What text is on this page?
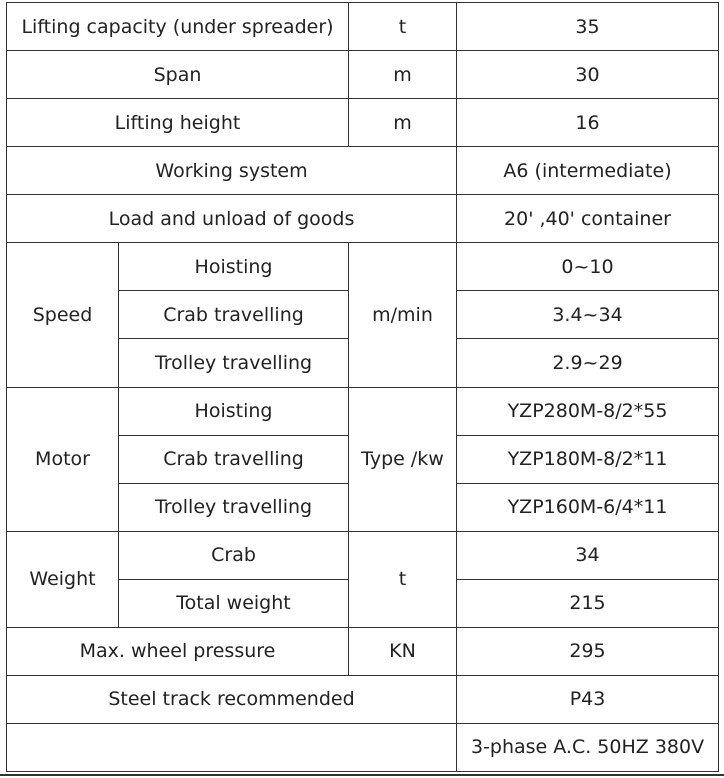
Lifting capacity (under spreader)		t	35
Span		m	30
Lifting height		m	16
Working system			A6 (intermediate)
Load and unload of goods			20' ,40' container
Speed	Hoisting	m/min	0~10
	Crab travelling		3.4~34
	Trolley travelling		2.9~29
Motor	Hoisting	Type /kw	YZP280M-8/2*55
	Crab travelling		YZP180M-8/2*11
	Trolley travelling		YZP160M-6/4*11
Weight	Crab	t	34
	Total weight		215
Max. wheel pressure		KN	295
Steel track recommended			P43
			3-phase A.C. 50HZ 380V
